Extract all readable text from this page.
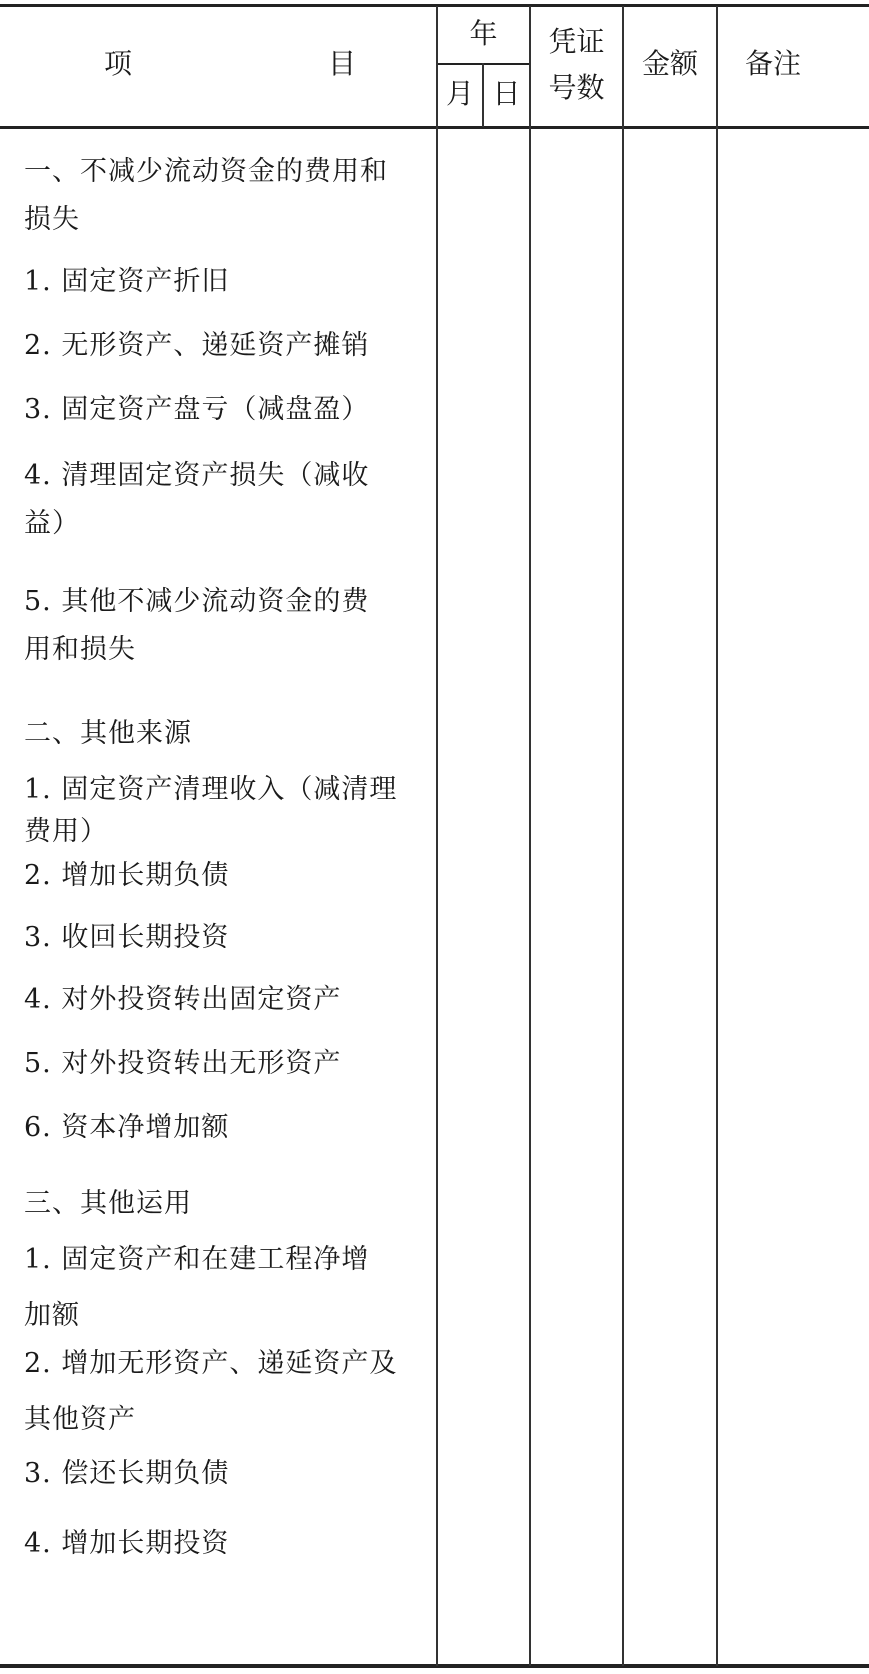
项　　　　　　　目
年
月 日
凭证
号数
金额	备注
一、不减少流动资金的费用和
损失
1. 固定资产折旧
2. 无形资产、递延资产摊销
3. 固定资产盘亏（减盘盈）
4. 清理固定资产损失（减收
益）
5. 其他不减少流动资金的费
用和损失
二、其他来源
1. 固定资产清理收入（减清理
费用）
2. 增加长期负债
3. 收回长期投资
4. 对外投资转出固定资产
5. 对外投资转出无形资产
6. 资本净增加额
三、其他运用
1. 固定资产和在建工程净增
加额
2. 增加无形资产、递延资产及
其他资产
3. 偿还长期负债
4. 增加长期投资
